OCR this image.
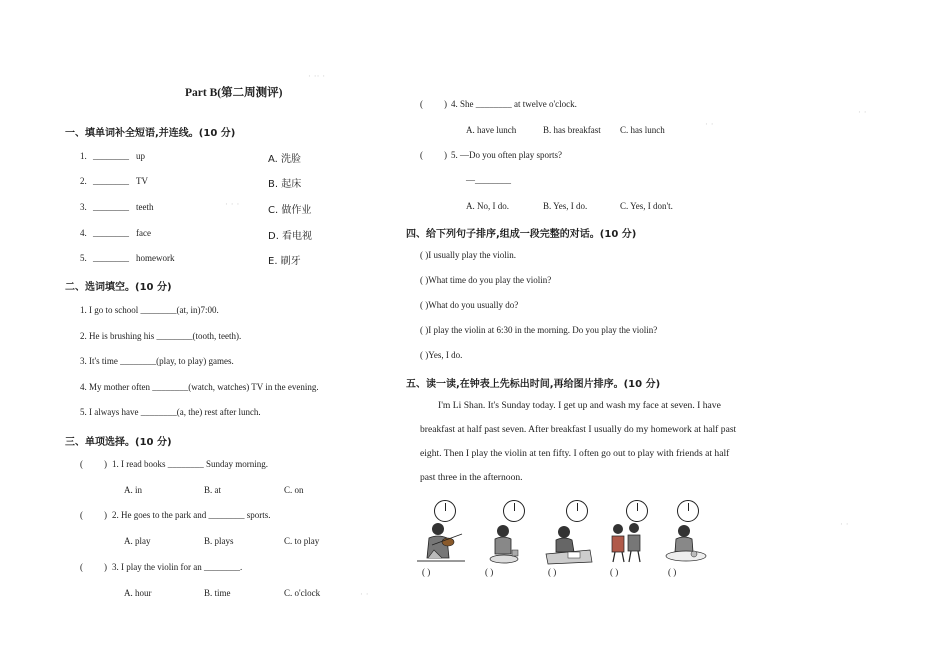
· ·· ·
· ·
· · ·
· ·
· ·
· ·
Part B(第二周测评)
一、填单词补全短语,并连线。(10 分)
1. ________ up	A. 洗脸
2. ________ TV	B. 起床
3. ________ teeth	C. 做作业
4. ________ face	D. 看电视
5. ________ homework	E. 刷牙
二、选词填空。(10 分)
1. I go to school ________(at, in)7:00.
2. He is brushing his ________(tooth, teeth).
3. It's time ________(play, to play) games.
4. My mother often ________(watch, watches) TV in the evening.
5. I always have ________(a, the) rest after lunch.
三、单项选择。(10 分)
( ) 1. I read books ________ Sunday morning.
A. in	B. at	C. on
( ) 2. He goes to the park and ________ sports.
A. play	B. plays	C. to play
( ) 3. I play the violin for an ________.
A. hour	B. time	C. o'clock
( ) 4. She ________ at twelve o'clock.
A. have lunch	B. has breakfast C. has lunch
( ) 5. —Do you often play sports?
—________
A. No, I do.	B. Yes, I do.	C. Yes, I don't.
四、给下列句子排序,组成一段完整的对话。(10 分)
( )I usually play the violin.
( )What time do you play the violin?
( )What do you usually do?
( )I play the violin at 6:30 in the morning. Do you play the violin?
( )Yes, I do.
五、读一读,在钟表上先标出时间,再给图片排序。(10 分)
I'm Li Shan. It's Sunday today. I get up and wash my face at seven. I have
breakfast at half past seven. After breakfast I usually do my homework at half past
eight. Then I play the violin at ten fifty. I often go out to play with friends at half
past three in the afternoon.
( )	( )	( )	( )	( )
